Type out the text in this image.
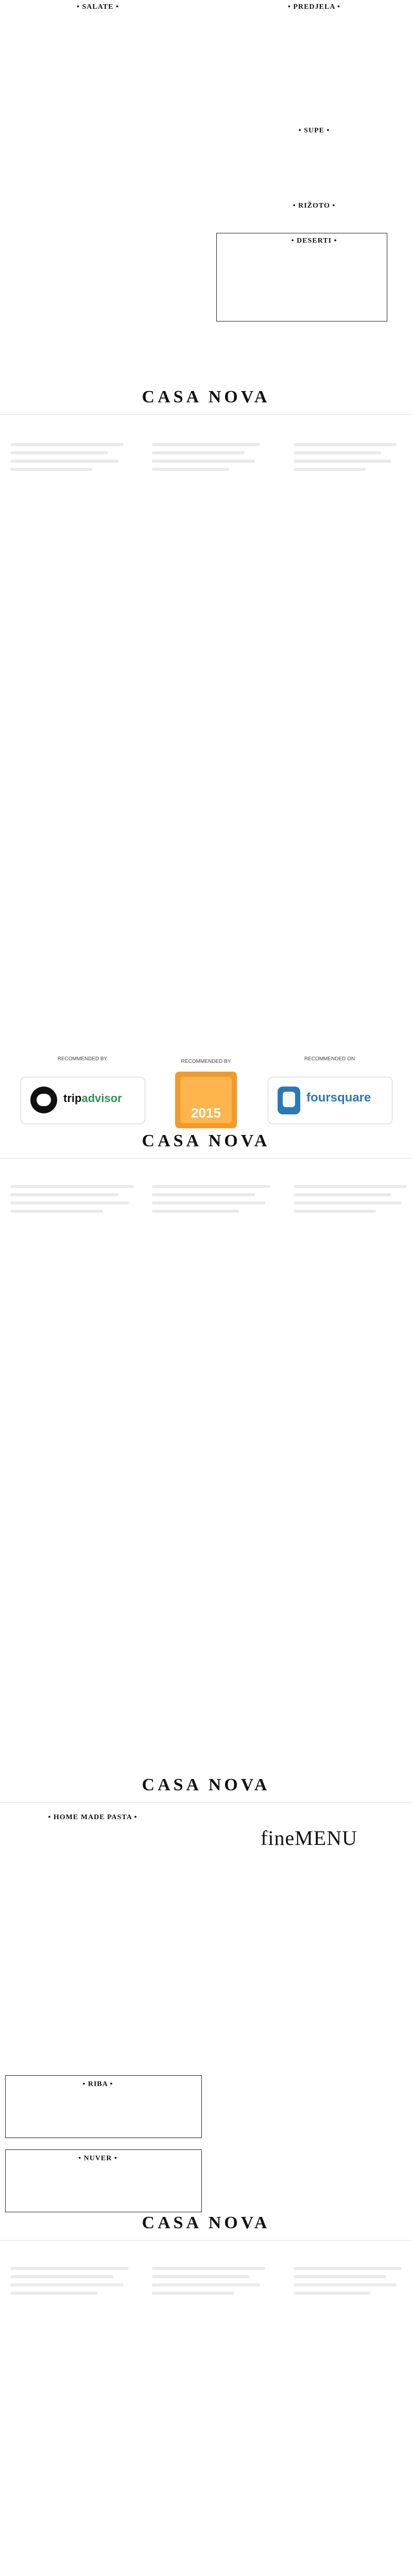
• SALATE •	• PREDJELA •
• SUPE •
• RIŽOTO •
• DESERTI •
CASA NOVA
RECOMMENDED BY
tripadvisor
2015
foursquare
RECOMMENDED BY	RECOMMENDED ON
CASA NOVA
CASA NOVA
• HOME MADE PASTA •
fineMENU
• RIBA •
• NUVER •
CASA NOVA
